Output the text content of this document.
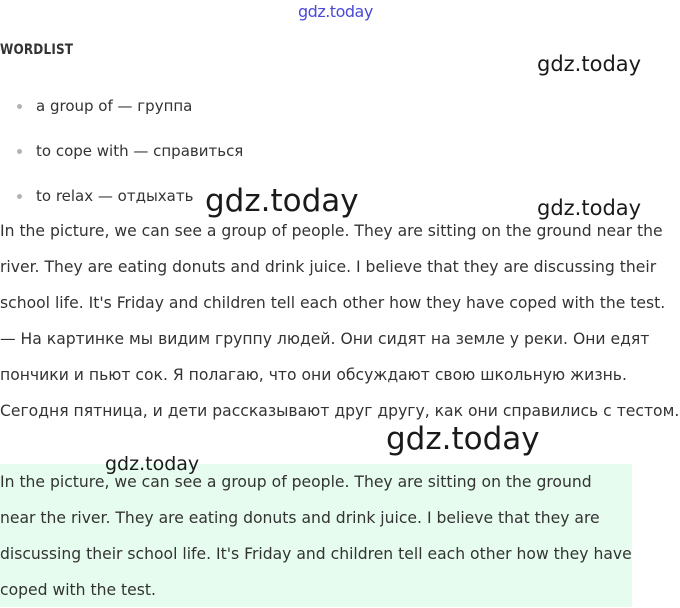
gdz.today
WORDLIST
gdz.today
a group of — группа
to cope with — справиться
to relax — отдыхать gdz.today	gdz.today

In the picture, we can see a group of people. They are sitting on the ground near the river. They are eating donuts and drink juice. I believe that they are discussing their school life. It's Friday and children tell each other how they have coped with the test. — На картинке мы видим группу людей. Они сидят на земле у реки. Они едят пончики и пьют сок. Я полагаю, что они обсуждают свою школьную жизнь. Сегодня пятница, и дети рассказывают друг другу, как они справились с тестом.

In the picture, we can see a group of people. They are sitting on the ground near the river. They are eating donuts and drink juice. I believe that they are discussing their school life. It's Friday and children tell each other how they have coped with the test.

gdz.today
gdz.today
